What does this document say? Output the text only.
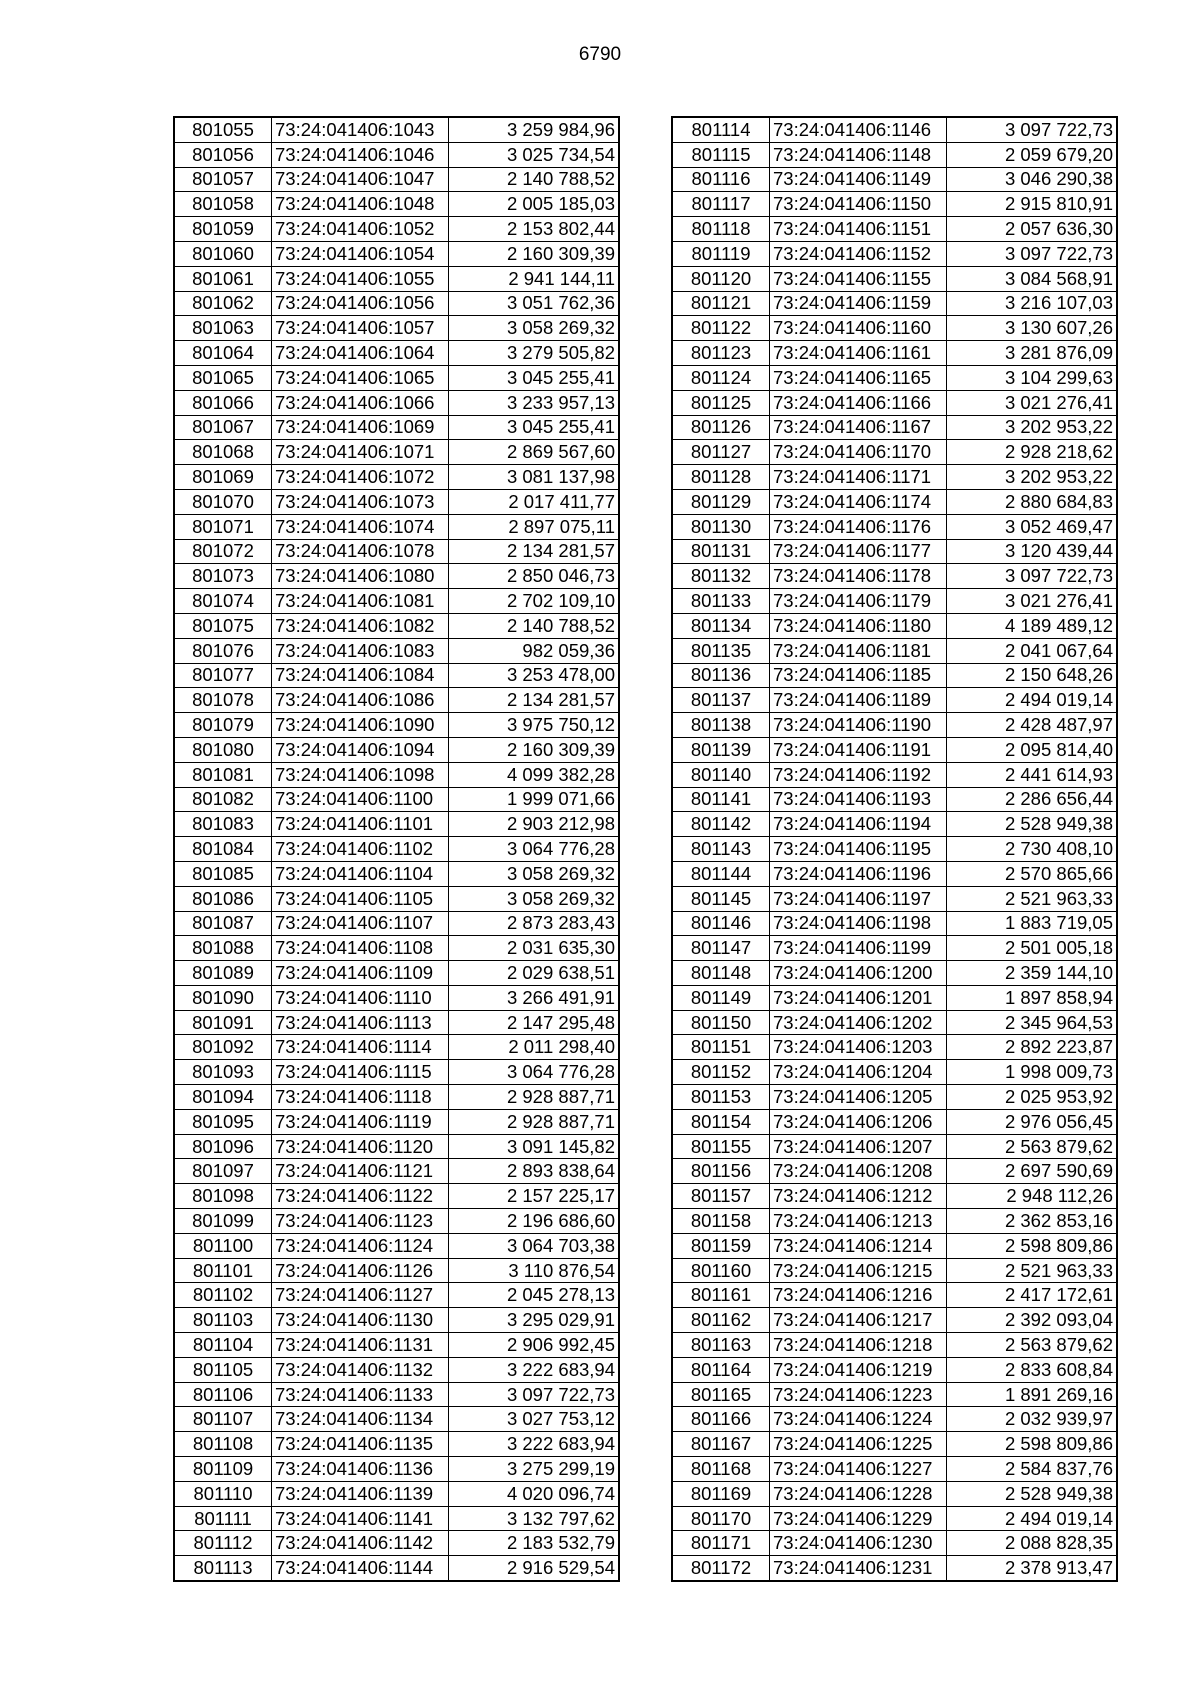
6790
801055	73:24:041406:1043	3 259 984,96
801056	73:24:041406:1046	3 025 734,54
801057	73:24:041406:1047	2 140 788,52
801058	73:24:041406:1048	2 005 185,03
801059	73:24:041406:1052	2 153 802,44
801060	73:24:041406:1054	2 160 309,39
801061	73:24:041406:1055	2 941 144,11
801062	73:24:041406:1056	3 051 762,36
801063	73:24:041406:1057	3 058 269,32
801064	73:24:041406:1064	3 279 505,82
801065	73:24:041406:1065	3 045 255,41
801066	73:24:041406:1066	3 233 957,13
801067	73:24:041406:1069	3 045 255,41
801068	73:24:041406:1071	2 869 567,60
801069	73:24:041406:1072	3 081 137,98
801070	73:24:041406:1073	2 017 411,77
801071	73:24:041406:1074	2 897 075,11
801072	73:24:041406:1078	2 134 281,57
801073	73:24:041406:1080	2 850 046,73
801074	73:24:041406:1081	2 702 109,10
801075	73:24:041406:1082	2 140 788,52
801076	73:24:041406:1083	982 059,36
801077	73:24:041406:1084	3 253 478,00
801078	73:24:041406:1086	2 134 281,57
801079	73:24:041406:1090	3 975 750,12
801080	73:24:041406:1094	2 160 309,39
801081	73:24:041406:1098	4 099 382,28
801082	73:24:041406:1100	1 999 071,66
801083	73:24:041406:1101	2 903 212,98
801084	73:24:041406:1102	3 064 776,28
801085	73:24:041406:1104	3 058 269,32
801086	73:24:041406:1105	3 058 269,32
801087	73:24:041406:1107	2 873 283,43
801088	73:24:041406:1108	2 031 635,30
801089	73:24:041406:1109	2 029 638,51
801090	73:24:041406:1110	3 266 491,91
801091	73:24:041406:1113	2 147 295,48
801092	73:24:041406:1114	2 011 298,40
801093	73:24:041406:1115	3 064 776,28
801094	73:24:041406:1118	2 928 887,71
801095	73:24:041406:1119	2 928 887,71
801096	73:24:041406:1120	3 091 145,82
801097	73:24:041406:1121	2 893 838,64
801098	73:24:041406:1122	2 157 225,17
801099	73:24:041406:1123	2 196 686,60
801100	73:24:041406:1124	3 064 703,38
801101	73:24:041406:1126	3 110 876,54
801102	73:24:041406:1127	2 045 278,13
801103	73:24:041406:1130	3 295 029,91
801104	73:24:041406:1131	2 906 992,45
801105	73:24:041406:1132	3 222 683,94
801106	73:24:041406:1133	3 097 722,73
801107	73:24:041406:1134	3 027 753,12
801108	73:24:041406:1135	3 222 683,94
801109	73:24:041406:1136	3 275 299,19
801110	73:24:041406:1139	4 020 096,74
801111	73:24:041406:1141	3 132 797,62
801112	73:24:041406:1142	2 183 532,79
801113	73:24:041406:1144	2 916 529,54
801114	73:24:041406:1146	3 097 722,73
801115	73:24:041406:1148	2 059 679,20
801116	73:24:041406:1149	3 046 290,38
801117	73:24:041406:1150	2 915 810,91
801118	73:24:041406:1151	2 057 636,30
801119	73:24:041406:1152	3 097 722,73
801120	73:24:041406:1155	3 084 568,91
801121	73:24:041406:1159	3 216 107,03
801122	73:24:041406:1160	3 130 607,26
801123	73:24:041406:1161	3 281 876,09
801124	73:24:041406:1165	3 104 299,63
801125	73:24:041406:1166	3 021 276,41
801126	73:24:041406:1167	3 202 953,22
801127	73:24:041406:1170	2 928 218,62
801128	73:24:041406:1171	3 202 953,22
801129	73:24:041406:1174	2 880 684,83
801130	73:24:041406:1176	3 052 469,47
801131	73:24:041406:1177	3 120 439,44
801132	73:24:041406:1178	3 097 722,73
801133	73:24:041406:1179	3 021 276,41
801134	73:24:041406:1180	4 189 489,12
801135	73:24:041406:1181	2 041 067,64
801136	73:24:041406:1185	2 150 648,26
801137	73:24:041406:1189	2 494 019,14
801138	73:24:041406:1190	2 428 487,97
801139	73:24:041406:1191	2 095 814,40
801140	73:24:041406:1192	2 441 614,93
801141	73:24:041406:1193	2 286 656,44
801142	73:24:041406:1194	2 528 949,38
801143	73:24:041406:1195	2 730 408,10
801144	73:24:041406:1196	2 570 865,66
801145	73:24:041406:1197	2 521 963,33
801146	73:24:041406:1198	1 883 719,05
801147	73:24:041406:1199	2 501 005,18
801148	73:24:041406:1200	2 359 144,10
801149	73:24:041406:1201	1 897 858,94
801150	73:24:041406:1202	2 345 964,53
801151	73:24:041406:1203	2 892 223,87
801152	73:24:041406:1204	1 998 009,73
801153	73:24:041406:1205	2 025 953,92
801154	73:24:041406:1206	2 976 056,45
801155	73:24:041406:1207	2 563 879,62
801156	73:24:041406:1208	2 697 590,69
801157	73:24:041406:1212	2 948 112,26
801158	73:24:041406:1213	2 362 853,16
801159	73:24:041406:1214	2 598 809,86
801160	73:24:041406:1215	2 521 963,33
801161	73:24:041406:1216	2 417 172,61
801162	73:24:041406:1217	2 392 093,04
801163	73:24:041406:1218	2 563 879,62
801164	73:24:041406:1219	2 833 608,84
801165	73:24:041406:1223	1 891 269,16
801166	73:24:041406:1224	2 032 939,97
801167	73:24:041406:1225	2 598 809,86
801168	73:24:041406:1227	2 584 837,76
801169	73:24:041406:1228	2 528 949,38
801170	73:24:041406:1229	2 494 019,14
801171	73:24:041406:1230	2 088 828,35
801172	73:24:041406:1231	2 378 913,47
